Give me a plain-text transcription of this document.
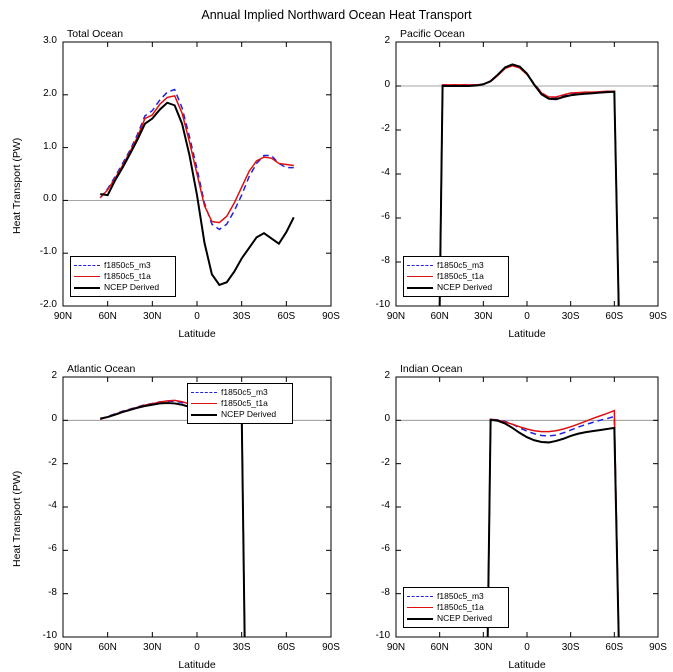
Annual Implied Northward Ocean Heat Transport
Total Ocean
90N	60N	30N	0	30S	60S	90S
3.0
2.0
1.0
0.0
-1.0
-2.0
Latitude
Heat Transport (PW)
f1850c5_m3
f1850c5_t1a
NCEP Derived
Pacific Ocean
90N	60N	30N	0	30S	60S	90S
2
0
-2
-4
-6
-8
-10
Latitude
f1850c5_m3
f1850c5_t1a
NCEP Derived
Atlantic Ocean
90N	60N	30N	0	30S	60S	90S
2
0
-2
-4
-6
-8
-10
Latitude
Heat Transport (PW)
f1850c5_m3
f1850c5_t1a
NCEP Derived
Indian Ocean
90N	60N	30N	0	30S	60S	90S
2
0
-2
-4
-6
-8
-10
Latitude
f1850c5_m3
f1850c5_t1a
NCEP Derived
